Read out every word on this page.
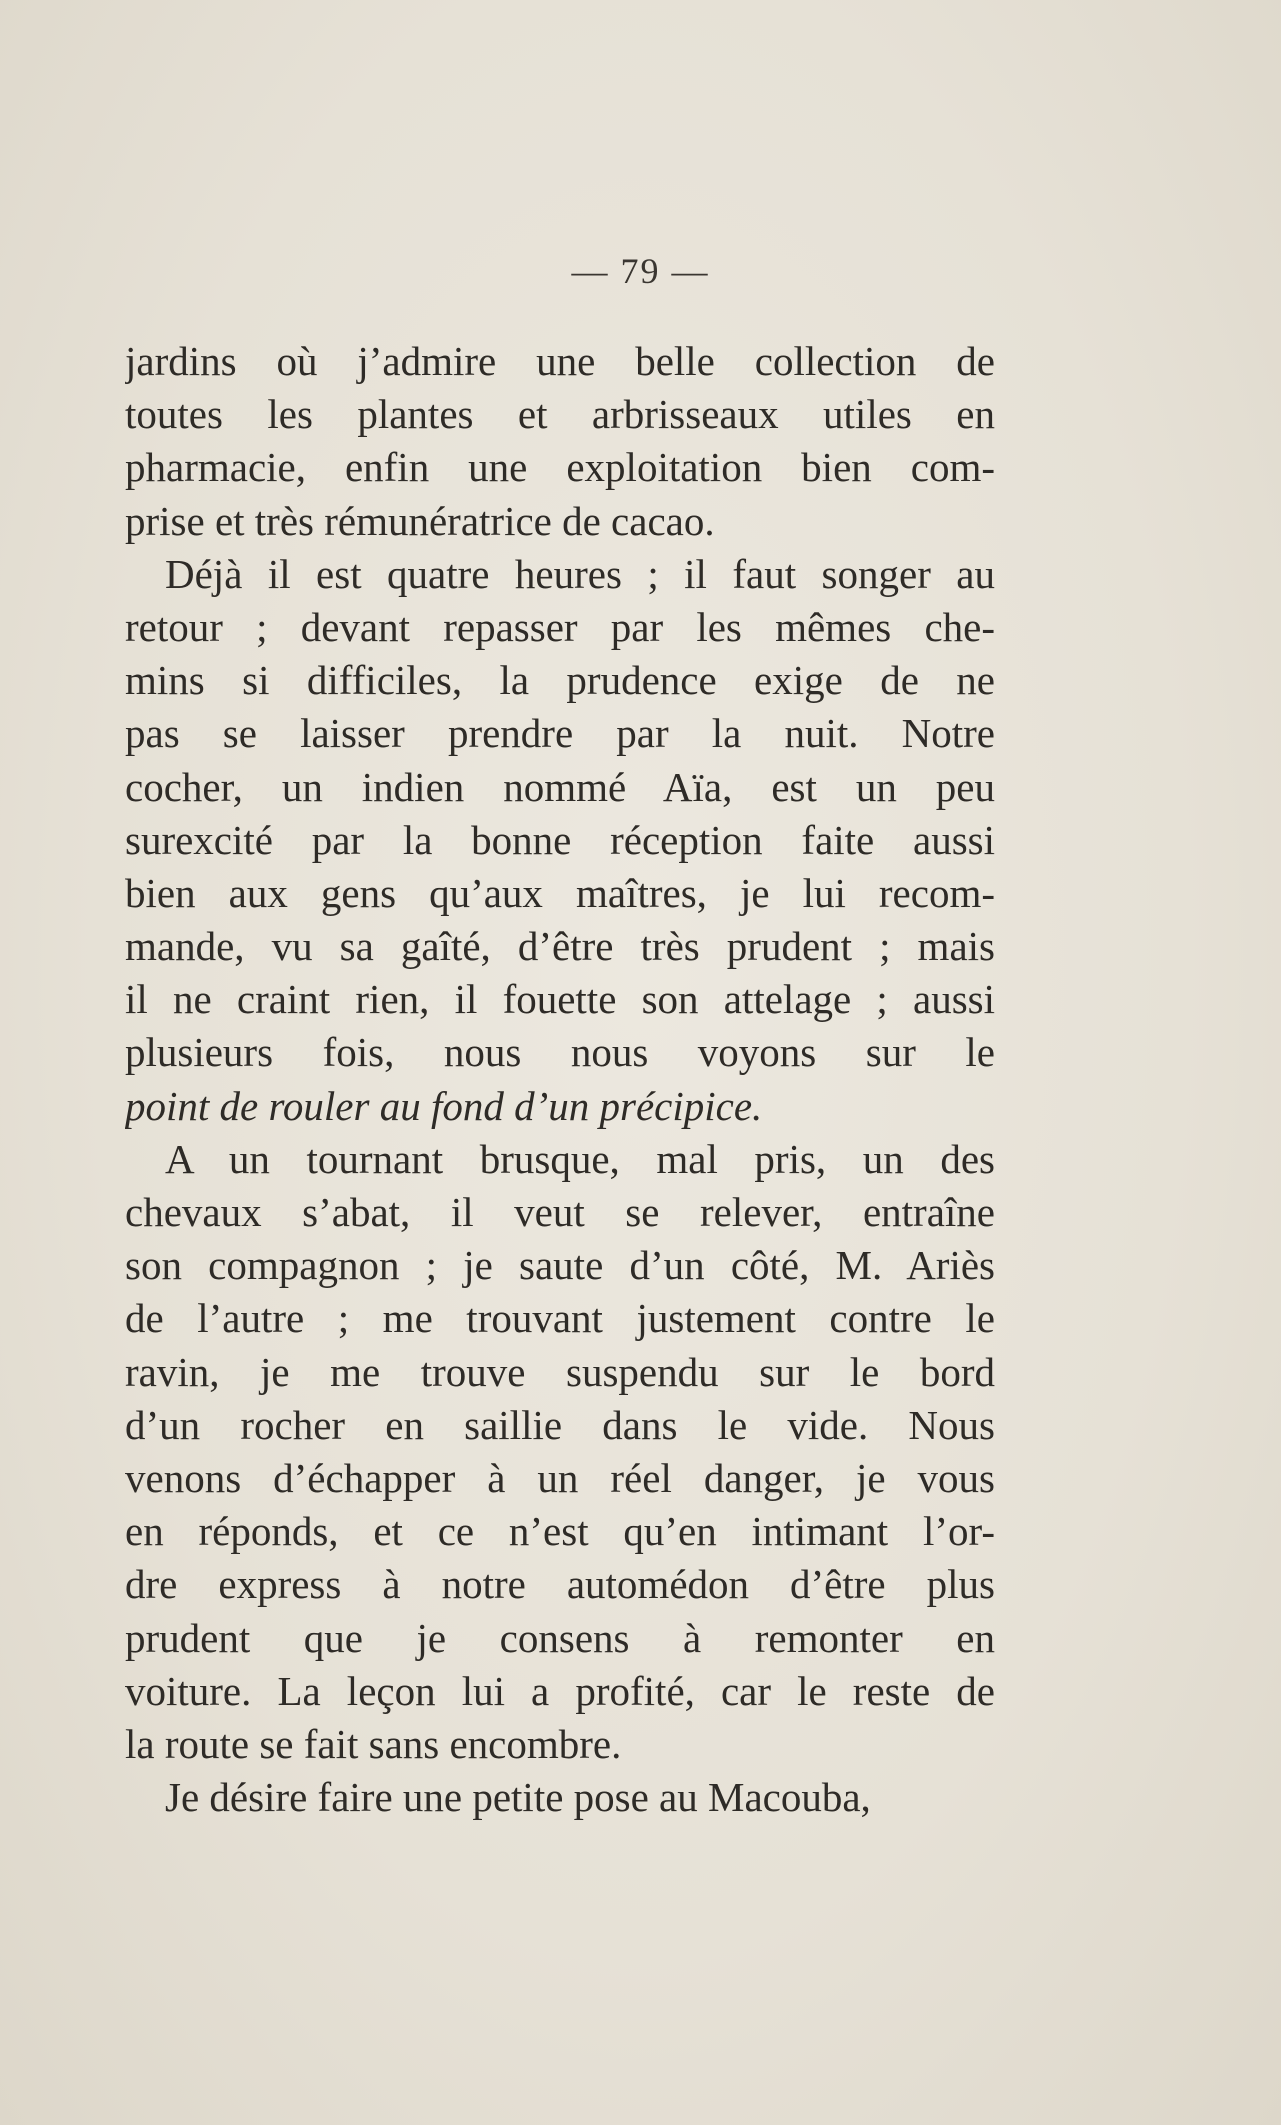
— 79 —
jardins où j’admire une belle collection de
toutes les plantes et arbrisseaux utiles en
pharmacie, enfin une exploitation bien com-
prise et très rémunératrice de cacao.
Déjà il est quatre heures ; il faut songer au
retour ; devant repasser par les mêmes che-
mins si difficiles, la prudence exige de ne
pas se laisser prendre par la nuit. Notre
cocher, un indien nommé Aïa, est un peu
surexcité par la bonne réception faite aussi
bien aux gens qu’aux maîtres, je lui recom-
mande, vu sa gaîté, d’être très prudent ; mais
il ne craint rien, il fouette son attelage ; aussi
plusieurs fois, nous nous voyons sur le
point de rouler au fond d’un précipice.
A un tournant brusque, mal pris, un des
chevaux s’abat, il veut se relever, entraîne
son compagnon ; je saute d’un côté, M. Ariès
de l’autre ; me trouvant justement contre le
ravin, je me trouve suspendu sur le bord
d’un rocher en saillie dans le vide. Nous
venons d’échapper à un réel danger, je vous
en réponds, et ce n’est qu’en intimant l’or-
dre express à notre automédon d’être plus
prudent que je consens à remonter en
voiture. La leçon lui a profité, car le reste de
la route se fait sans encombre.
Je désire faire une petite pose au Macouba,
